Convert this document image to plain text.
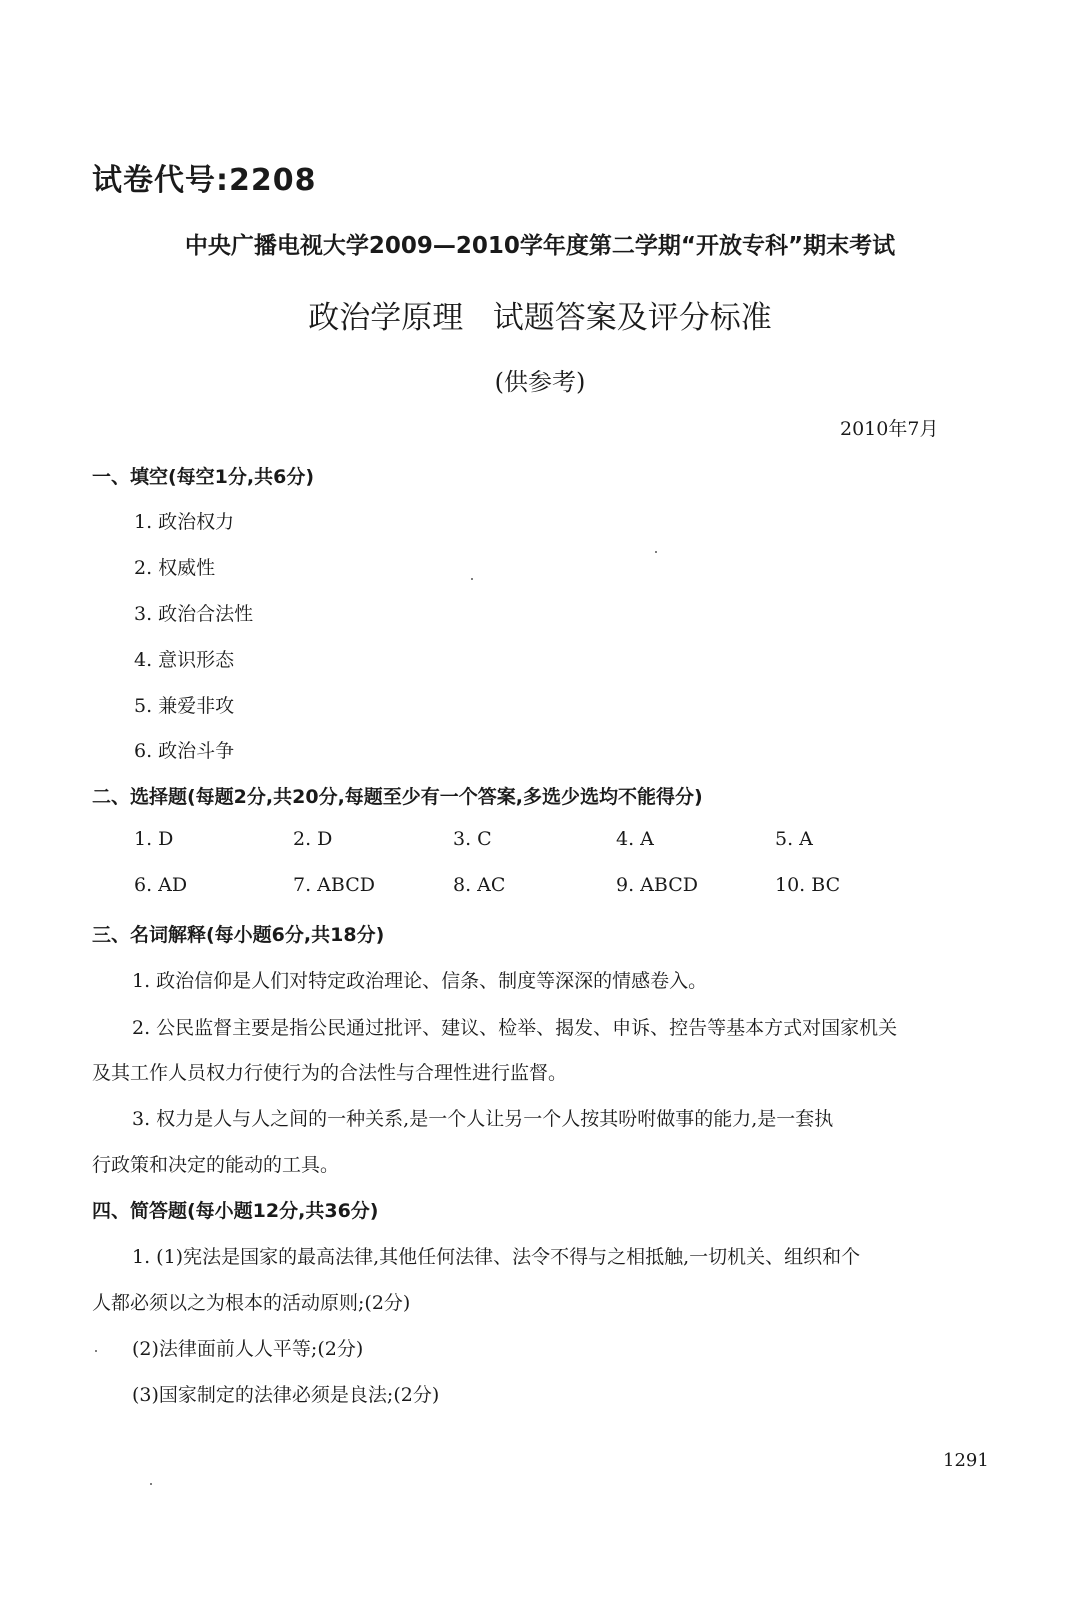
试卷代号:2208
中央广播电视大学2009—2010学年度第二学期“开放专科”期末考试
政治学原理   试题答案及评分标准
(供参考)
2010年7月
一、填空(每空1分,共6分)
1. 政治权力
2. 权威性
3. 政治合法性
4. 意识形态
5. 兼爱非攻
6. 政治斗争
二、选择题(每题2分,共20分,每题至少有一个答案,多选少选均不能得分)
1. D	2. D	3. C	4. A	5. A
6. AD	7. ABCD	8. AC	9. ABCD	10. BC
三、名词解释(每小题6分,共18分)
1. 政治信仰是人们对特定政治理论、信条、制度等深深的情感卷入。
2. 公民监督主要是指公民通过批评、建议、检举、揭发、申诉、控告等基本方式对国家机关
及其工作人员权力行使行为的合法性与合理性进行监督。
3. 权力是人与人之间的一种关系,是一个人让另一个人按其吩咐做事的能力,是一套执
行政策和决定的能动的工具。
四、简答题(每小题12分,共36分)
1. (1)宪法是国家的最高法律,其他任何法律、法令不得与之相抵触,一切机关、组织和个
人都必须以之为根本的活动原则;(2分)
(2)法律面前人人平等;(2分)
(3)国家制定的法律必须是良法;(2分)
1291
